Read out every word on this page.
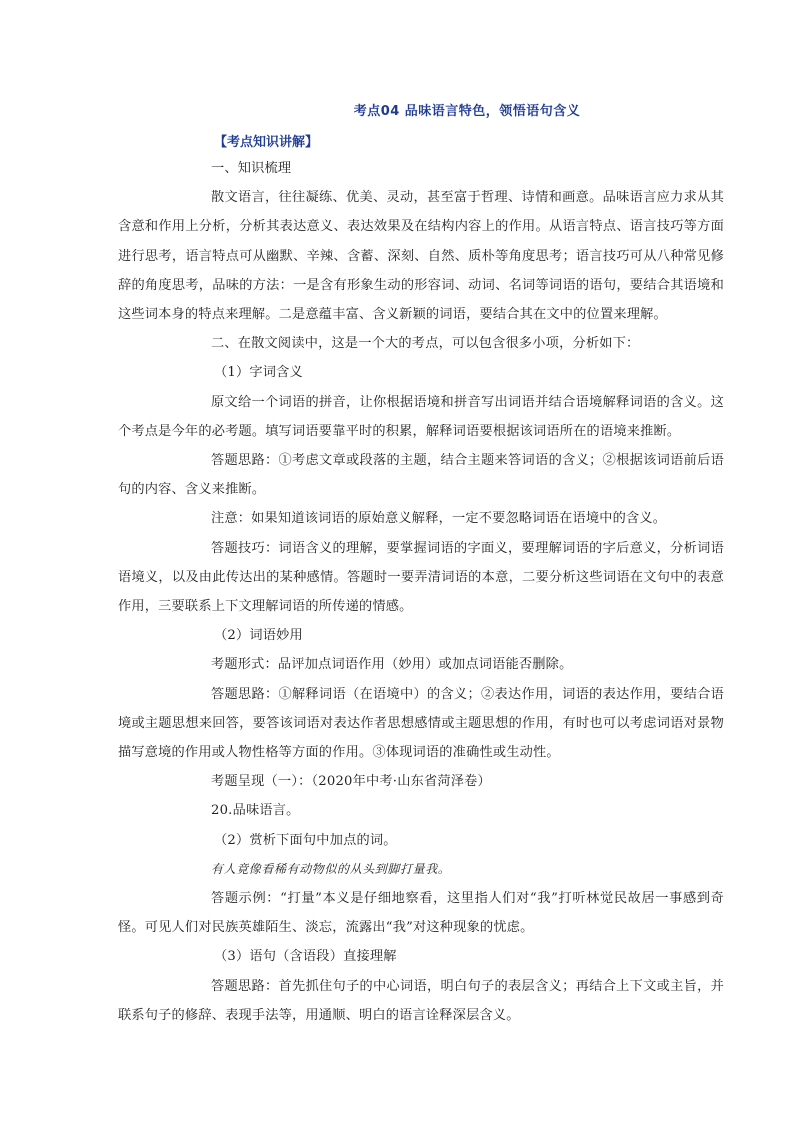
考点04 品味语言特色，领悟语句含义
【考点知识讲解】

一、知识梳理

散文语言，往往凝练、优美、灵动，甚至富于哲理、诗情和画意。品味语言应力求从其含意和作用上分析，分析其表达意义、表达效果及在结构内容上的作用。从语言特点、语言技巧等方面进行思考，语言特点可从幽默、辛辣、含蓄、深刻、自然、质朴等角度思考；语言技巧可从八种常见修辞的角度思考，品味的方法：一是含有形象生动的形容词、动词、名词等词语的语句，要结合其语境和这些词本身的特点来理解。二是意蕴丰富、含义新颖的词语，要结合其在文中的位置来理解。

二、在散文阅读中，这是一个大的考点，可以包含很多小项，分析如下：

（1）字词含义

原文给一个词语的拼音，让你根据语境和拼音写出词语并结合语境解释词语的含义。这个考点是今年的必考题。填写词语要靠平时的积累，解释词语要根据该词语所在的语境来推断。

答题思路：①考虑文章或段落的主题，结合主题来答词语的含义；②根据该词语前后语句的内容、含义来推断。

注意：如果知道该词语的原始意义解释，一定不要忽略词语在语境中的含义。

答题技巧：词语含义的理解，要掌握词语的字面义，要理解词语的字后意义，分析词语语境义，以及由此传达出的某种感情。答题时一要弄清词语的本意，二要分析这些词语在文句中的表意作用，三要联系上下文理解词语的所传递的情感。

（2）词语妙用

考题形式：品评加点词语作用（妙用）或加点词语能否删除。

答题思路：①解释词语（在语境中）的含义；②表达作用，词语的表达作用，要结合语境或主题思想来回答，要答该词语对表达作者思想感情或主题思想的作用，有时也可以考虑词语对景物描写意境的作用或人物性格等方面的作用。③体现词语的准确性或生动性。

考题呈现（一）：（2020年中考·山东省菏泽卷）

20.品味语言。

（2）赏析下面句中加点的词。

有人竟像看稀有动物似的从头到脚打量我。

答题示例：“打量”本义是仔细地察看，这里指人们对“我”打听林觉民故居一事感到奇怪。可见人们对民族英雄陌生、淡忘，流露出“我”对这种现象的忧虑。

（3）语句（含语段）直接理解

答题思路：首先抓住句子的中心词语，明白句子的表层含义；再结合上下文或主旨，并联系句子的修辞、表现手法等，用通顺、明白的语言诠释深层含义。
